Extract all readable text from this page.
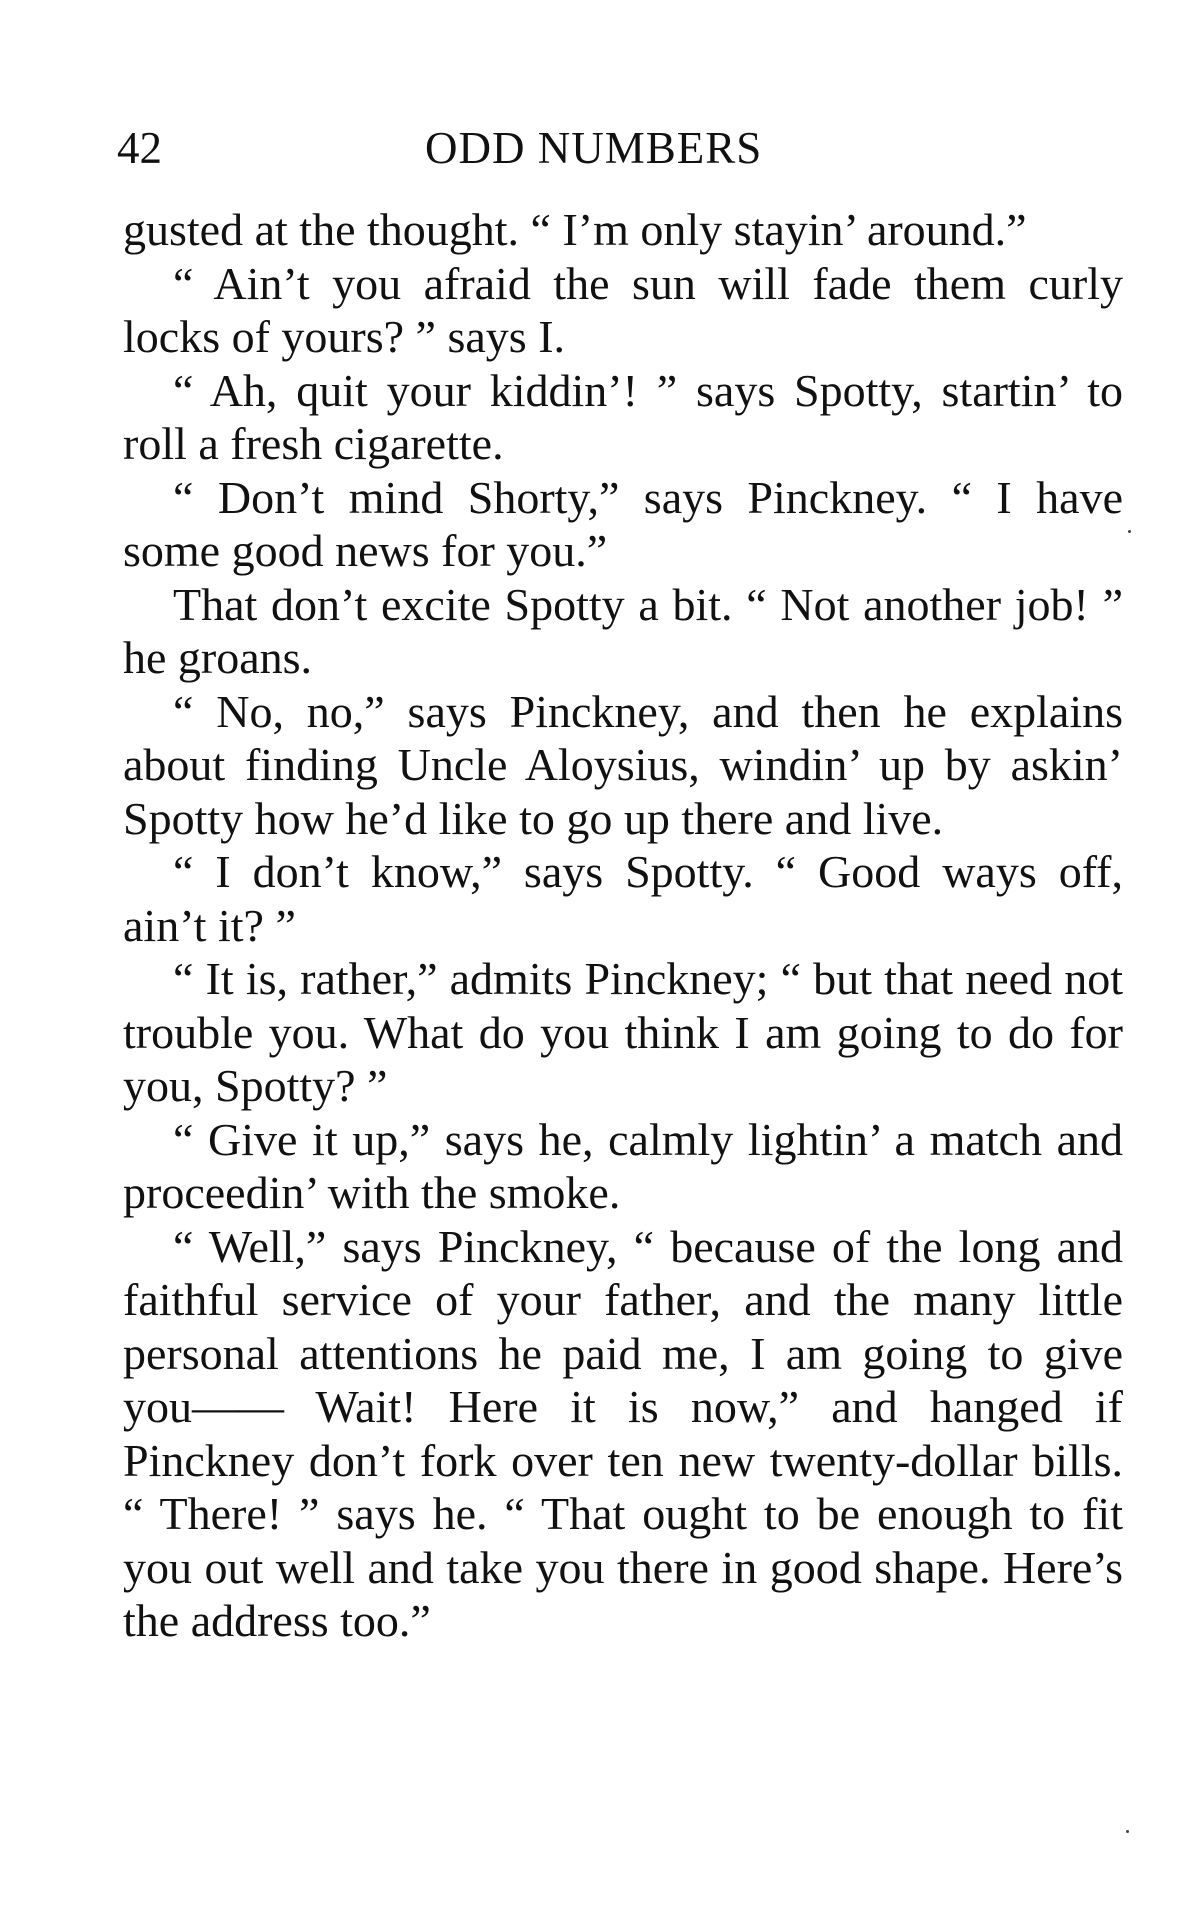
42	ODD NUMBERS

gusted at the thought. “ I’m only stayin’ around.”

“ Ain’t you afraid the sun will fade them curly locks of yours? ” says I.

“ Ah, quit your kiddin’! ” says Spotty, startin’ to roll a fresh cigarette.

“ Don’t mind Shorty,” says Pinckney. “ I have some good news for you.”

That don’t excite Spotty a bit. “ Not another job! ” he groans.

“ No, no,” says Pinckney, and then he explains about finding Uncle Aloysius, windin’ up by askin’ Spotty how he’d like to go up there and live.

“ I don’t know,” says Spotty. “ Good ways off, ain’t it? ”

“ It is, rather,” admits Pinckney; “ but that need not trouble you. What do you think I am going to do for you, Spotty? ”

“ Give it up,” says he, calmly lightin’ a match and proceedin’ with the smoke.

“ Well,” says Pinckney, “ because of the long and faithful service of your father, and the many little personal attentions he paid me, I am going to give you—— Wait! Here it is now,” and hanged if Pinckney don’t fork over ten new twenty-dollar bills. “ There! ” says he. “ That ought to be enough to fit you out well and take you there in good shape. Here’s the address too.”
